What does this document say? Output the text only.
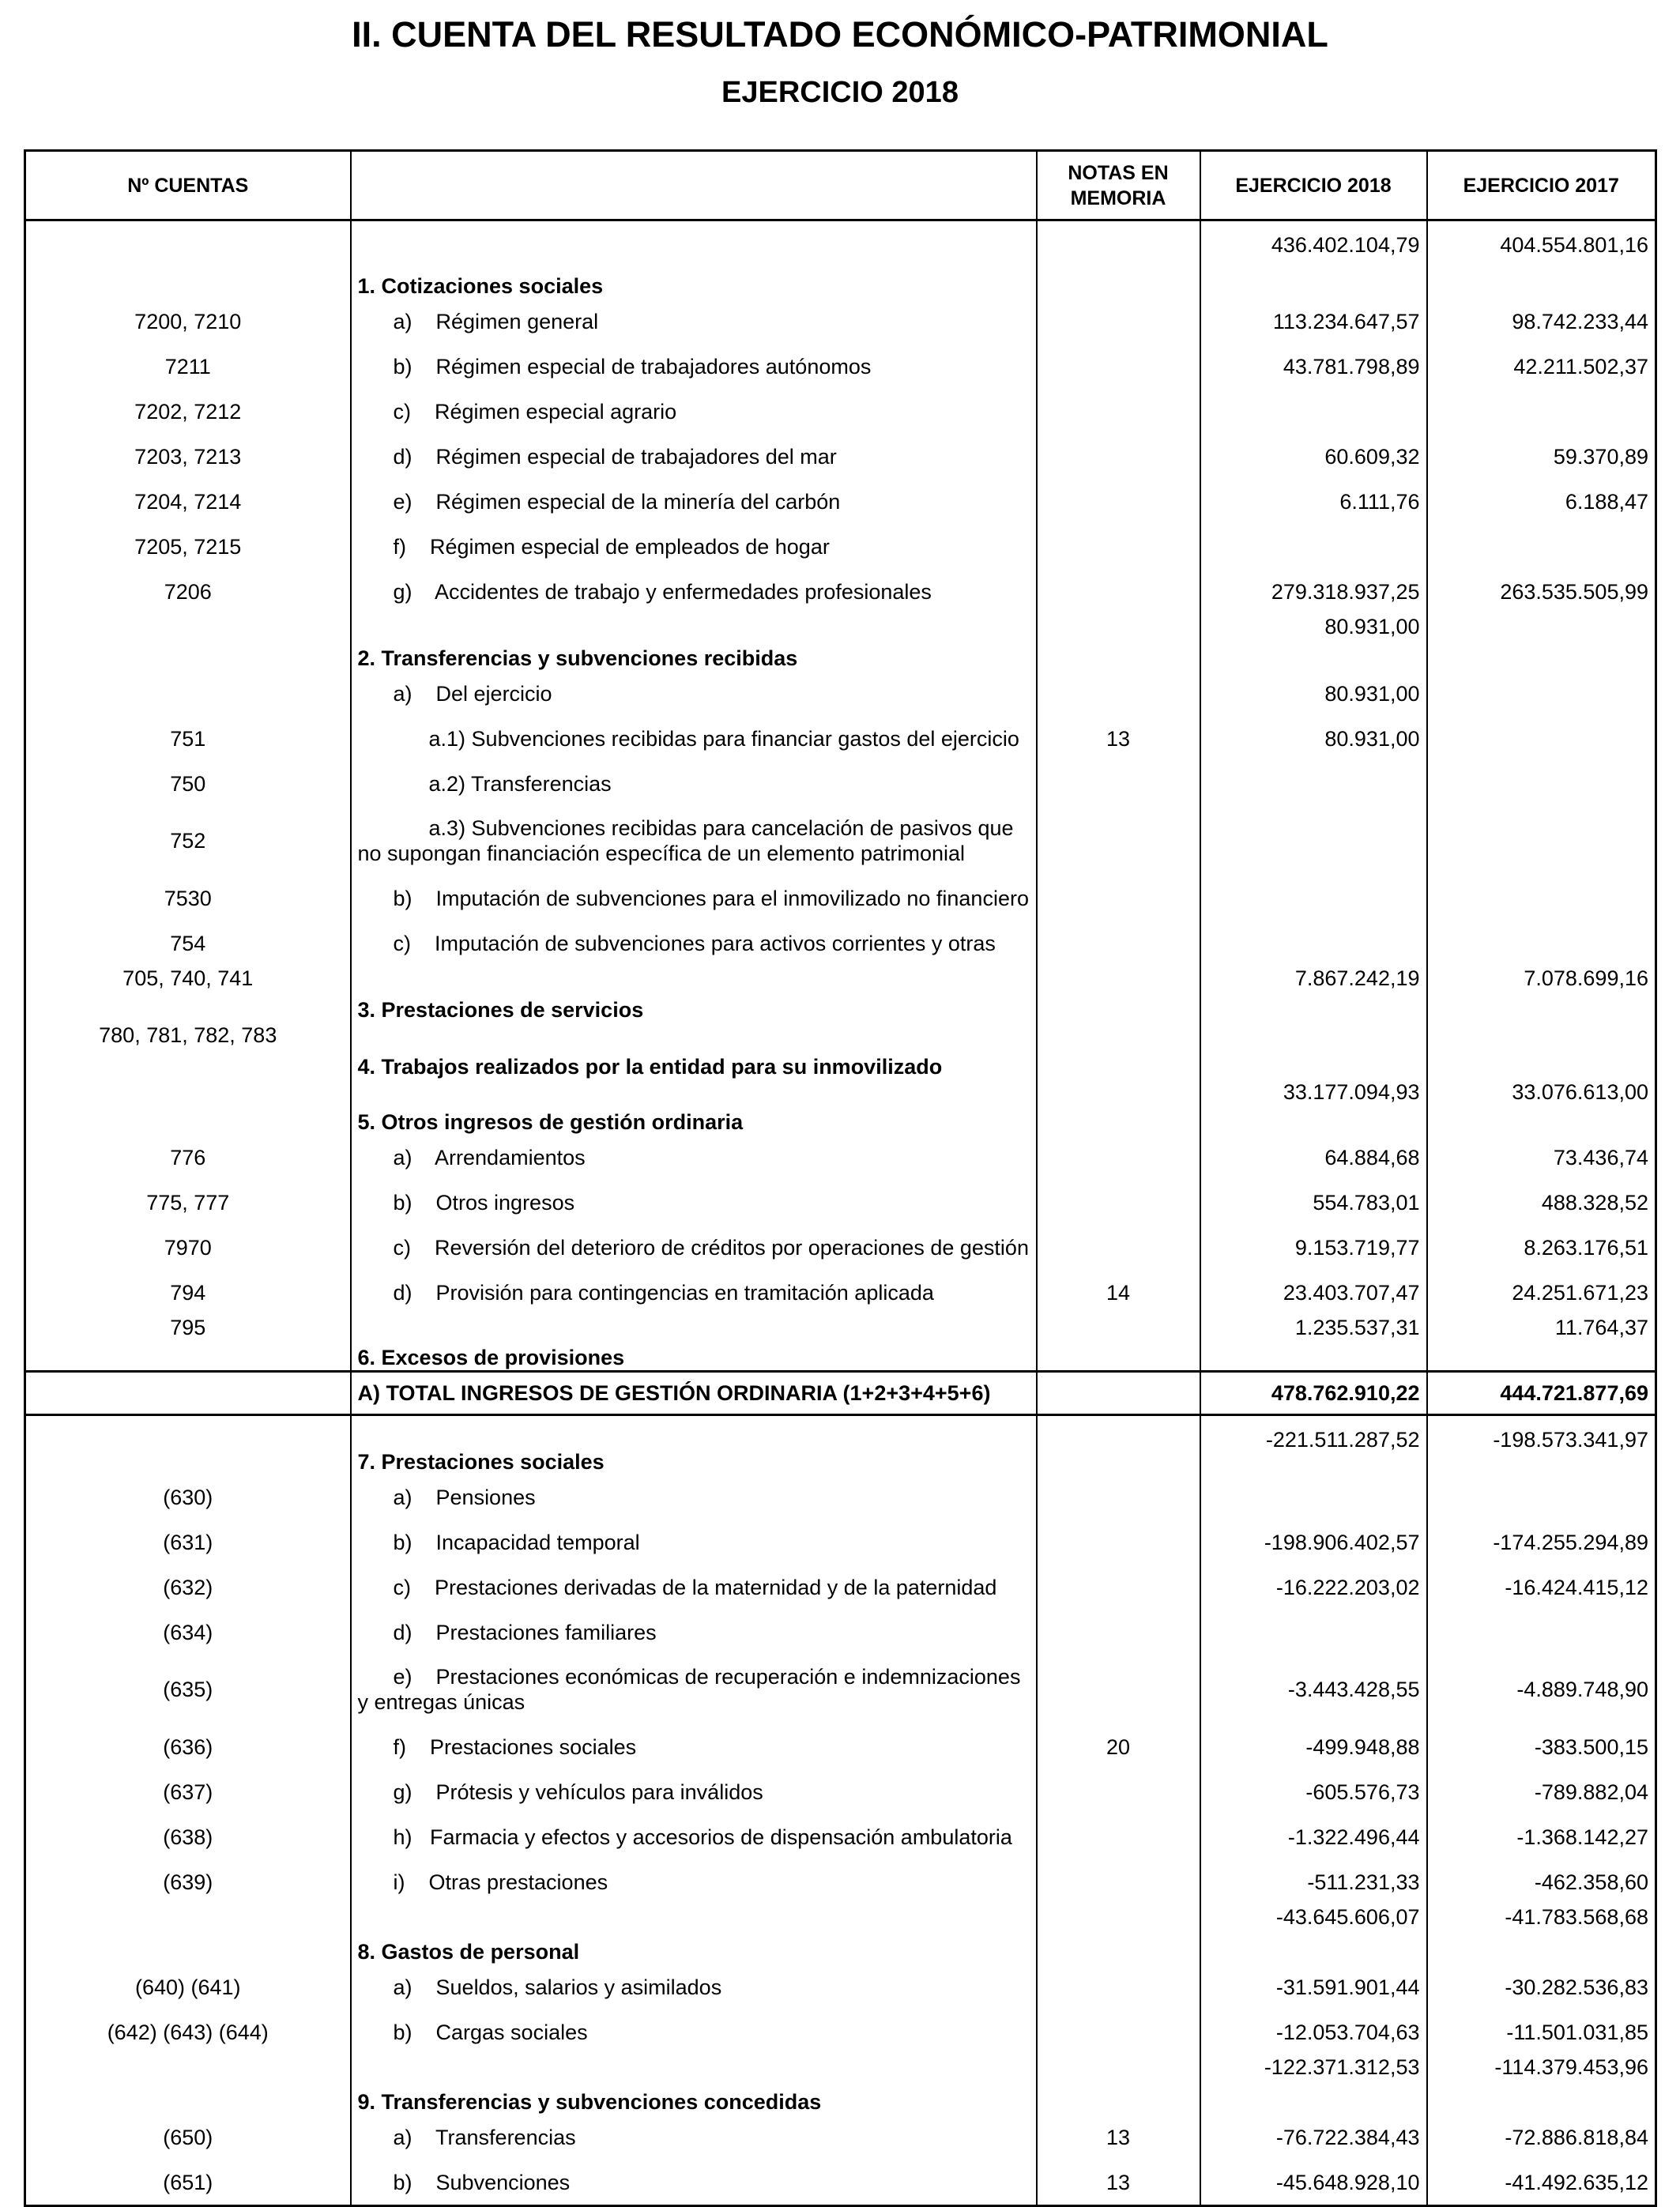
II. CUENTA DEL RESULTADO ECONÓMICO-PATRIMONIAL
EJERCICIO 2018
Nº CUENTAS		NOTAS EN
MEMORIA	EJERCICIO 2018	EJERCICIO 2017

	1. Cotizaciones sociales		436.402.104,79	404.554.801,16
7200, 7210	a)    Régimen general		113.234.647,57	98.742.233,44
7211	b)    Régimen especial de trabajadores autónomos		43.781.798,89	42.211.502,37
7202, 7212	c)    Régimen especial agrario			
7203, 7213	d)    Régimen especial de trabajadores del mar		60.609,32	59.370,89
7204, 7214	e)    Régimen especial de la minería del carbón		6.111,76	6.188,47
7205, 7215	f)    Régimen especial de empleados de hogar			
7206	g)    Accidentes de trabajo y enfermedades profesionales		279.318.937,25	263.535.505,99
	2. Transferencias y subvenciones recibidas		80.931,00	
	a)    Del ejercicio		80.931,00	
751	a.1) Subvenciones recibidas para financiar gastos del ejercicio	13	80.931,00	
750	a.2) Transferencias			
752	a.3) Subvenciones recibidas para cancelación de pasivos que no supongan financiación específica de un elemento patrimonial			
7530	b)    Imputación de subvenciones para el inmovilizado no financiero			
754	c)    Imputación de subvenciones para activos corrientes y otras			
705, 740, 741	3. Prestaciones de servicios		7.867.242,19	7.078.699,16
780, 781, 782, 783	4. Trabajos realizados por la entidad para su inmovilizado			
	5. Otros ingresos de gestión ordinaria		33.177.094,93	33.076.613,00
776	a)    Arrendamientos		64.884,68	73.436,74
775, 777	b)    Otros ingresos		554.783,01	488.328,52
7970	c)    Reversión del deterioro de créditos por operaciones de gestión		9.153.719,77	8.263.176,51
794	d)    Provisión para contingencias en tramitación aplicada	14	23.403.707,47	24.251.671,23
795	6. Excesos de provisiones		1.235.537,31	11.764,37
	A) TOTAL INGRESOS DE GESTIÓN ORDINARIA (1+2+3+4+5+6)		478.762.910,22	444.721.877,69

	7. Prestaciones sociales		-221.511.287,52	-198.573.341,97
(630)	a)    Pensiones			
(631)	b)    Incapacidad temporal		-198.906.402,57	-174.255.294,89
(632)	c)    Prestaciones derivadas de la maternidad y de la paternidad		-16.222.203,02	-16.424.415,12
(634)	d)    Prestaciones familiares			
(635)	e)    Prestaciones económicas de recuperación e indemnizaciones y entregas únicas		-3.443.428,55	-4.889.748,90
(636)	f)    Prestaciones sociales	20	-499.948,88	-383.500,15
(637)	g)    Prótesis y vehículos para inválidos		-605.576,73	-789.882,04
(638)	h)   Farmacia y efectos y accesorios de dispensación ambulatoria		-1.322.496,44	-1.368.142,27
(639)	i)    Otras prestaciones		-511.231,33	-462.358,60
	8. Gastos de personal		-43.645.606,07	-41.783.568,68
(640) (641)	a)    Sueldos, salarios y asimilados		-31.591.901,44	-30.282.536,83
(642) (643) (644)	b)    Cargas sociales		-12.053.704,63	-11.501.031,85
	9. Transferencias y subvenciones concedidas		-122.371.312,53	-114.379.453,96
(650)	a)    Transferencias	13	-76.722.384,43	-72.886.818,84
(651)	b)    Subvenciones	13	-45.648.928,10	-41.492.635,12
